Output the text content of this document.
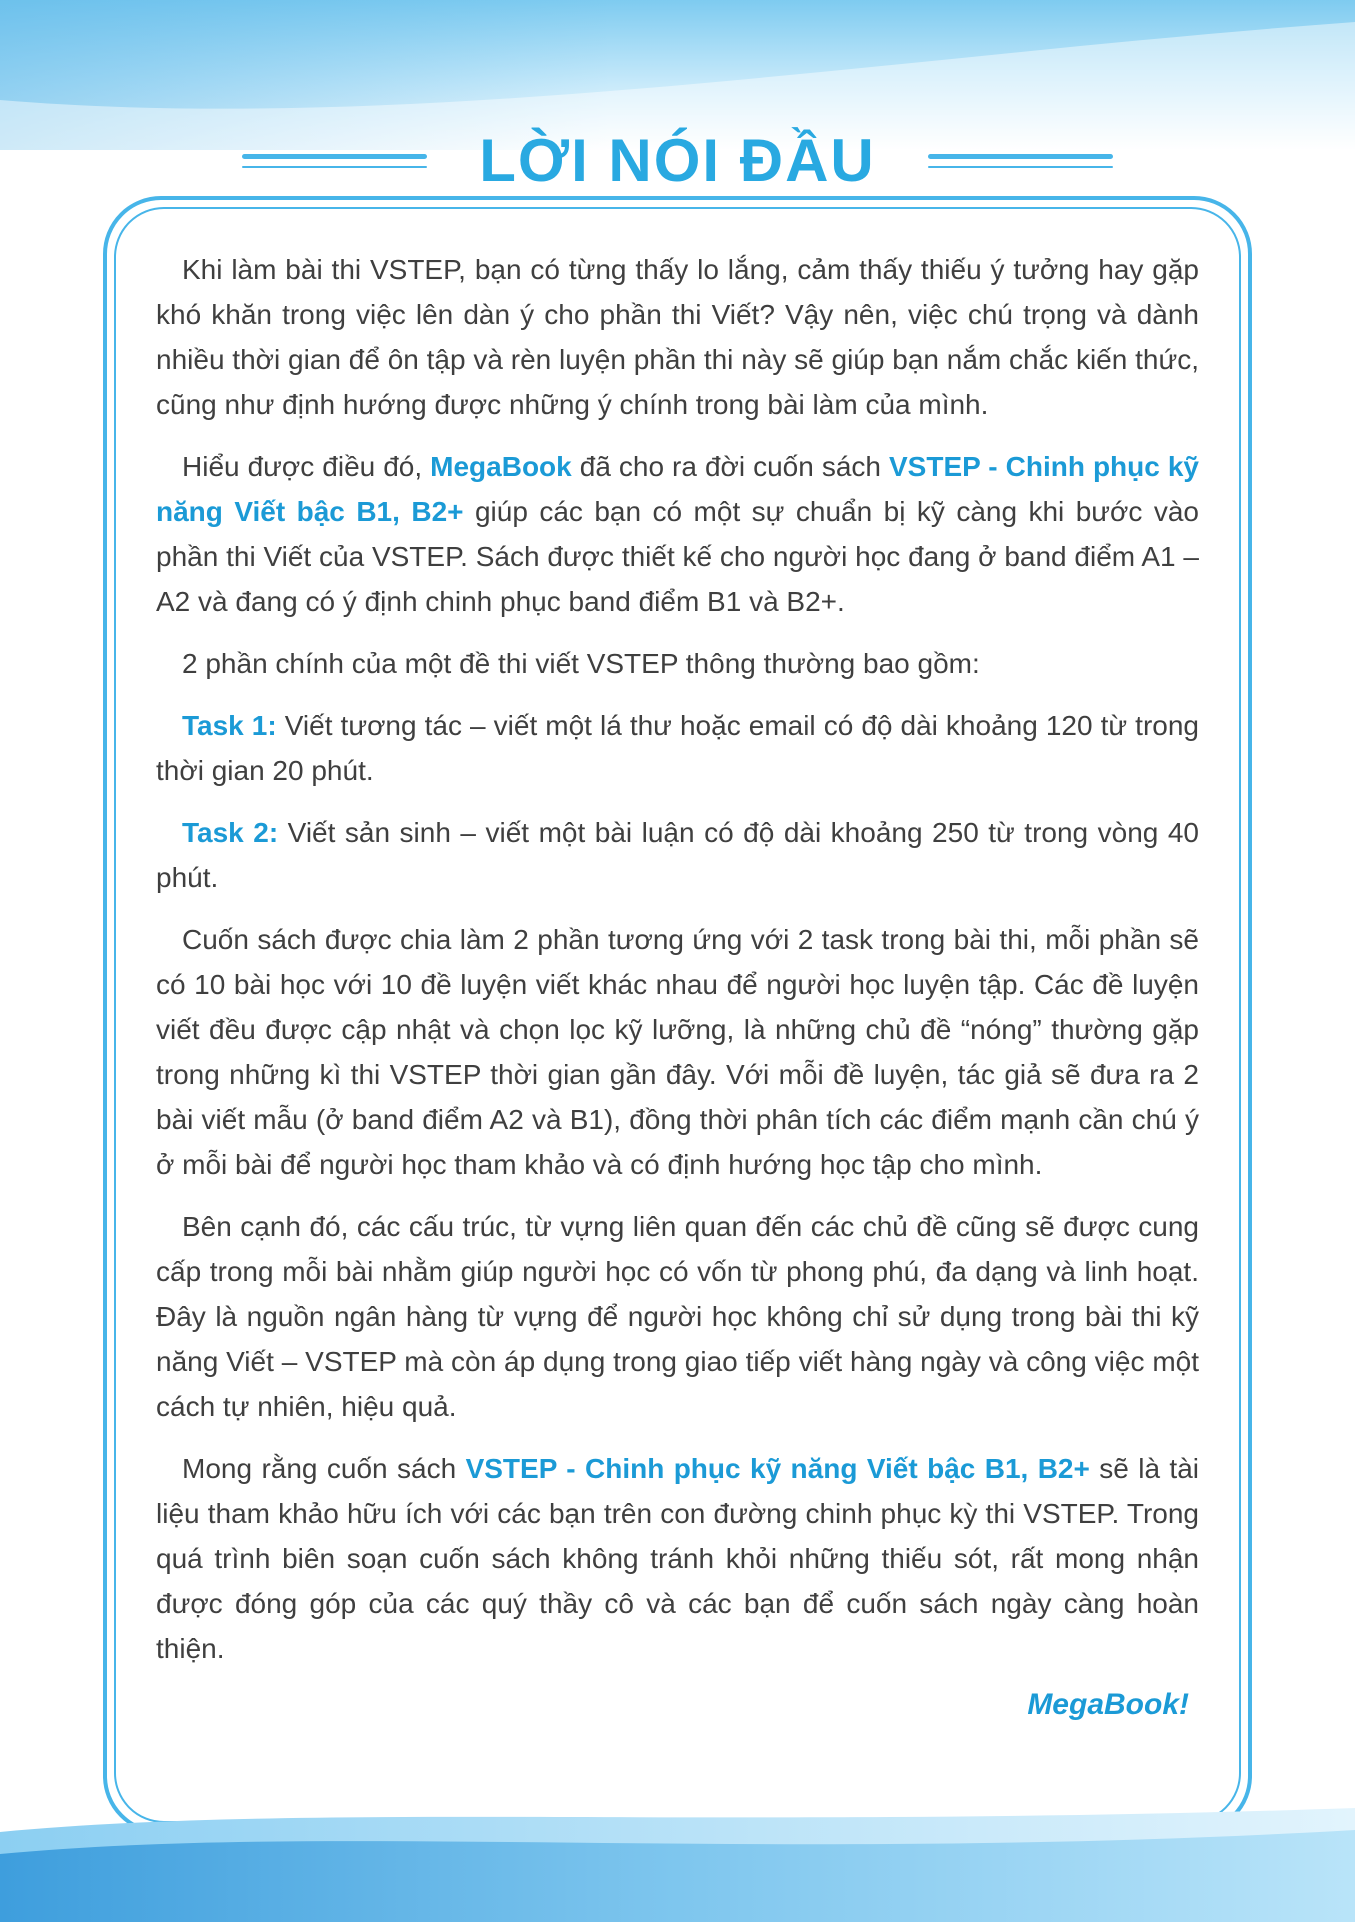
LỜI NÓI ĐẦU

Khi làm bài thi VSTEP, bạn có từng thấy lo lắng, cảm thấy thiếu ý tưởng hay gặp khó khăn trong việc lên dàn ý cho phần thi Viết? Vậy nên, việc chú trọng và dành nhiều thời gian để ôn tập và rèn luyện phần thi này sẽ giúp bạn nắm chắc kiến thức, cũng như định hướng được những ý chính trong bài làm của mình.

Hiểu được điều đó, MegaBook đã cho ra đời cuốn sách VSTEP - Chinh phục kỹ năng Viết bậc B1, B2+ giúp các bạn có một sự chuẩn bị kỹ càng khi bước vào phần thi Viết của VSTEP. Sách được thiết kế cho người học đang ở band điểm A1 – A2 và đang có ý định chinh phục band điểm B1 và B2+.

2 phần chính của một đề thi viết VSTEP thông thường bao gồm:

Task 1: Viết tương tác – viết một lá thư hoặc email có độ dài khoảng 120 từ trong thời gian 20 phút.

Task 2: Viết sản sinh – viết một bài luận có độ dài khoảng 250 từ trong vòng 40 phút.

Cuốn sách được chia làm 2 phần tương ứng với 2 task trong bài thi, mỗi phần sẽ có 10 bài học với 10 đề luyện viết khác nhau để người học luyện tập. Các đề luyện viết đều được cập nhật và chọn lọc kỹ lưỡng, là những chủ đề “nóng” thường gặp trong những kì thi VSTEP thời gian gần đây. Với mỗi đề luyện, tác giả sẽ đưa ra 2 bài viết mẫu (ở band điểm A2 và B1), đồng thời phân tích các điểm mạnh cần chú ý ở mỗi bài để người học tham khảo và có định hướng học tập cho mình.

Bên cạnh đó, các cấu trúc, từ vựng liên quan đến các chủ đề cũng sẽ được cung cấp trong mỗi bài nhằm giúp người học có vốn từ phong phú, đa dạng và linh hoạt. Đây là nguồn ngân hàng từ vựng để người học không chỉ sử dụng trong bài thi kỹ năng Viết – VSTEP mà còn áp dụng trong giao tiếp viết hàng ngày và công việc một cách tự nhiên, hiệu quả.

Mong rằng cuốn sách VSTEP - Chinh phục kỹ năng Viết bậc B1, B2+ sẽ là tài liệu tham khảo hữu ích với các bạn trên con đường chinh phục kỳ thi VSTEP. Trong quá trình biên soạn cuốn sách không tránh khỏi những thiếu sót, rất mong nhận được đóng góp của các quý thầy cô và các bạn để cuốn sách ngày càng hoàn thiện.

MegaBook!
